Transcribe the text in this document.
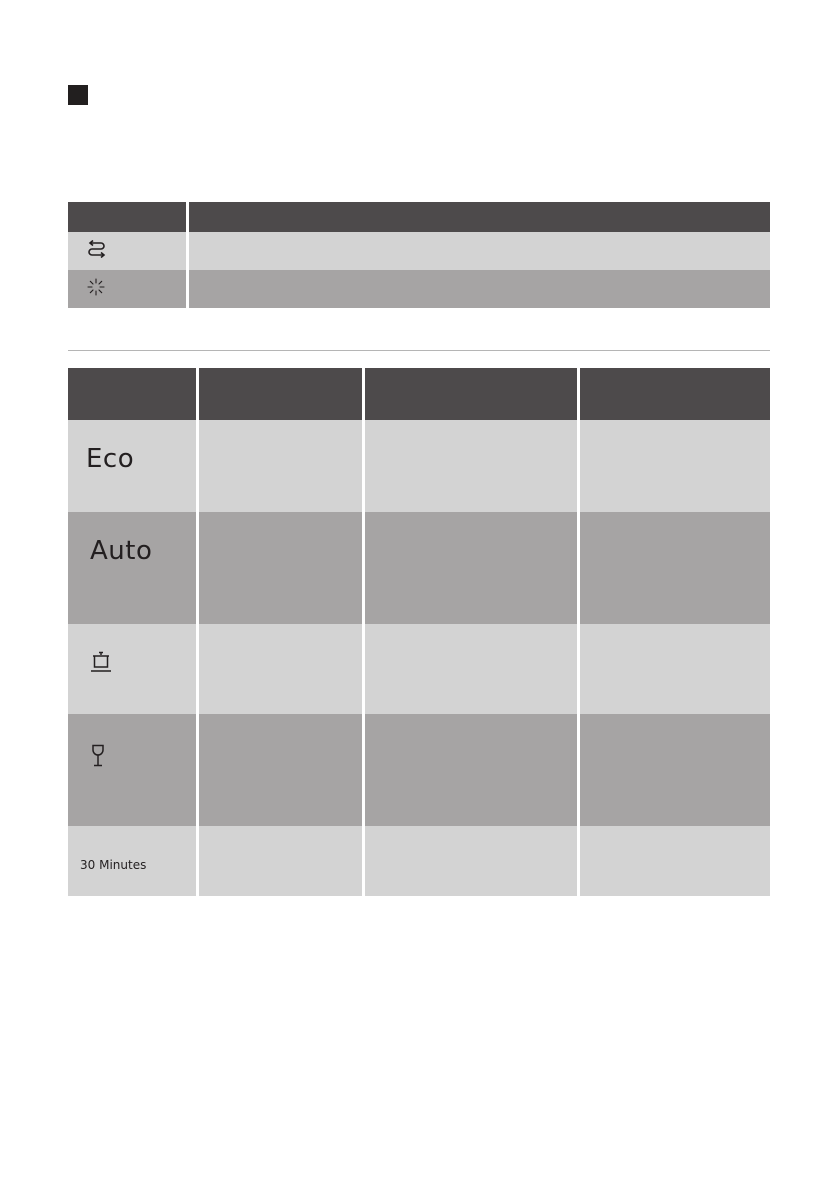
Eco
Auto
30 Minutes
